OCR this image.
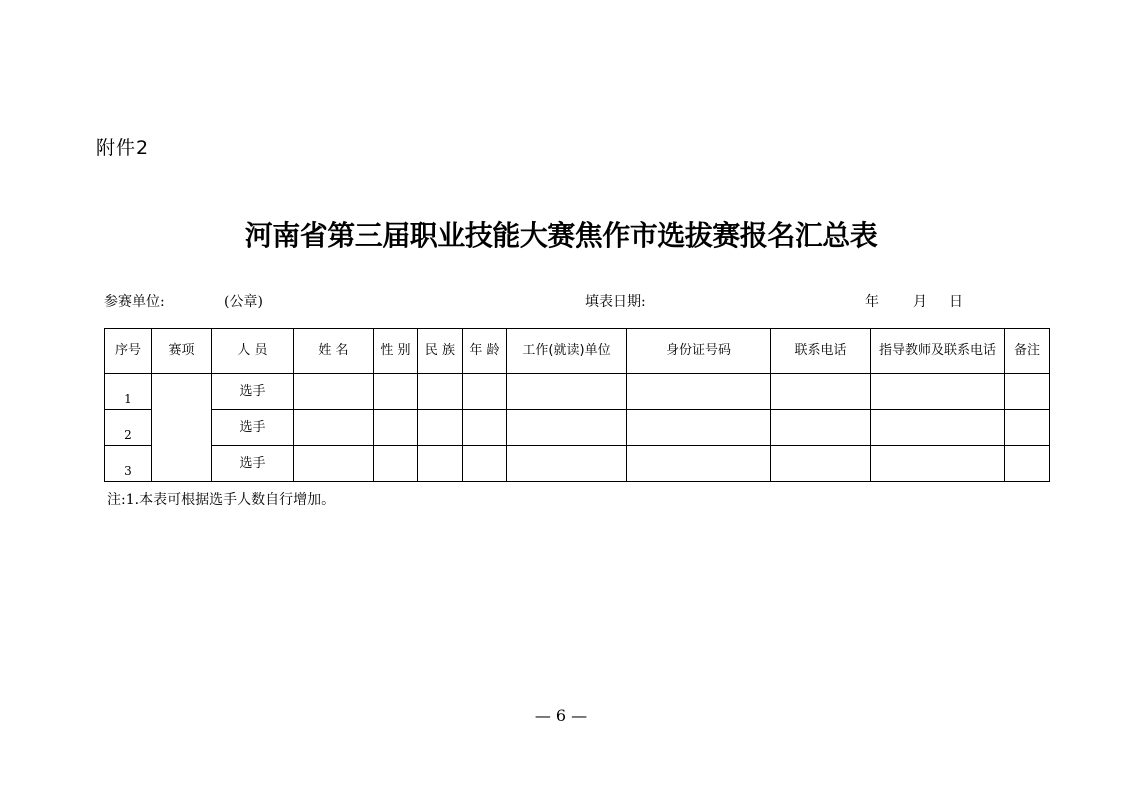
附件2
河南省第三届职业技能大赛焦作市选拔赛报名汇总表
参赛单位:	(公章)	填表日期:	年 月 日
序号	赛项	人 员	姓 名	性 别	民 族	年 龄	工作(就读)单位	身份证号码	联系电话	指导教师及联系电话	备注
1		选手									
2		选手									
3		选手									
注:1.本表可根据选手人数自行增加。
— 6 —
